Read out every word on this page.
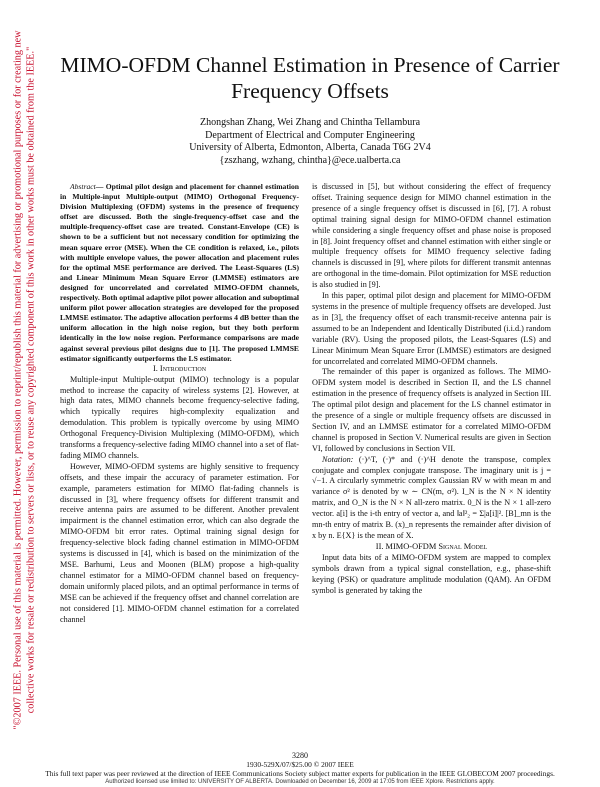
"©2007 IEEE. Personal use of this material is permitted. However, permission to reprint/republish this material for advertising or promotional purposes or for creating new collective works for resale or redistribution to servers or lists, or to reuse any copyrighted component of this work in other works must be obtained from the IEEE." MIMO-OFDM Channel Estimation in Presence of Carrier Frequency Offsets
Zhongshan Zhang, Wei Zhang and Chintha Tellambura
Department of Electrical and Computer Engineering
University of Alberta, Edmonton, Alberta, Canada T6G 2V4
{zszhang, wzhang, chintha}@ece.ualberta.ca

Abstract— Optimal pilot design and placement for channel estimation in Multiple-input Multiple-output (MIMO) Orthogonal Frequency-Division Multiplexing (OFDM) systems in the presence of frequency offset are discussed. Both the single-frequency-offset case and the multiple-frequency-offset case are treated. Constant-Envelope (CE) is shown to be a sufficient but not necessary condition for optimizing the mean square error (MSE). When the CE condition is relaxed, i.e., pilots with multiple envelope values, the power allocation and placement rules for the optimal MSE performance are derived. The Least-Squares (LS) and Linear Minimum Mean Square Error (LMMSE) estimators are designed for uncorrelated and correlated MIMO-OFDM channels, respectively. Both optimal adaptive pilot power allocation and suboptimal uniform pilot power allocation strategies are developed for the proposed LMMSE estimator. The adaptive allocation performs 4 dB better than the uniform allocation in the high noise region, but they both perform identically in the low noise region. Performance comparisons are made against several previous pilot designs due to [1]. The proposed LMMSE estimator significantly outperforms the LS estimator.

I. Introduction

Multiple-input Multiple-output (MIMO) technology is a popular method to increase the capacity of wireless systems [2]. However, at high data rates, MIMO channels become frequency-selective fading, which typically requires high-complexity equalization and demodulation. This problem is typically overcome by using MIMO Orthogonal Frequency-Division Multiplexing (MIMO-OFDM), which transforms a frequency-selective fading MIMO channel into a set of flat-fading MIMO channels.

However, MIMO-OFDM systems are highly sensitive to frequency offsets, and these impair the accuracy of parameter estimation. For example, parameters estimation for MIMO flat-fading channels is discussed in [3], where frequency offsets for different transmit and receive antenna pairs are assumed to be different. Another prevalent impairment is the channel estimation error, which can also degrade the MIMO-OFDM bit error rates. Optimal training signal design for frequency-selective block fading channel estimation in MIMO-OFDM systems is discussed in [4], which is based on the minimization of the MSE. Barhumi, Leus and Moonen (BLM) propose a high-quality channel estimator for a MIMO-OFDM channel based on frequency-domain uniformly placed pilots, and an optimal performance in terms of MSE can be achieved if the frequency offset and channel correlation are not considered [1]. MIMO-OFDM channel estimation for a correlated channel

is discussed in [5], but without considering the effect of frequency offset. Training sequence design for MIMO channel estimation in the presence of a single frequency offset is discussed in [6], [7]. A robust optimal training signal design for MIMO-OFDM channel estimation while considering a single frequency offset and phase noise is proposed in [8]. Joint frequency offset and channel estimation with either single or multiple frequency offsets for MIMO frequency selective fading channels is discussed in [9], where pilots for different transmit antennas are orthogonal in the time-domain. Pilot optimization for MSE reduction is also studied in [9].

In this paper, optimal pilot design and placement for MIMO-OFDM systems in the presence of multiple frequency offsets are developed. Just as in [3], the frequency offset of each transmit-receive antenna pair is assumed to be an Independent and Identically Distributed (i.i.d.) random variable (RV). Using the proposed pilots, the Least-Squares (LS) and Linear Minimum Mean Square Error (LMMSE) estimators are designed for uncorrelated and correlated MIMO-OFDM channels.

The remainder of this paper is organized as follows. The MIMO-OFDM system model is described in Section II, and the LS channel estimation in the presence of frequency offsets is analyzed in Section III. The optimal pilot design and placement for the LS channel estimator in the presence of a single or multiple frequency offsets are discussed in Section IV, and an LMMSE estimator for a correlated MIMO-OFDM channel is proposed in Section V. Numerical results are given in Section VI, followed by conclusions in Section VII.

Notation: (·)^T, (·)* and (·)^H denote the transpose, complex conjugate and complex conjugate transpose. The imaginary unit is j = √−1. A circularly symmetric complex Gaussian RV w with mean m and variance σ² is denoted by w ∼ CN(m, σ²). I_N is the N × N identity matrix, and O_N is the N × N all-zero matrix. 0_N is the N × 1 all-zero vector. a[i] is the i-th entry of vector a, and ‖a‖²₂ = Σ|a[i]|². [B]_mn is the mn-th entry of matrix B. (x)_n represents the remainder after division of x by n. E{X} is the mean of X.

II. MIMO-OFDM Signal Model

Input data bits of a MIMO-OFDM system are mapped to complex symbols drawn from a typical signal constellation, e.g., phase-shift keying (PSK) or quadrature amplitude modulation (QAM). An OFDM symbol is generated by taking the

3280
1930-529X/07/$25.00 © 2007 IEEE
This full text paper was peer reviewed at the direction of IEEE Communications Society subject matter experts for publication in the IEEE GLOBECOM 2007 proceedings.
Authorized licensed use limited to: UNIVERSITY OF ALBERTA. Downloaded on December 16, 2009 at 17:05 from IEEE Xplore. Restrictions apply.
